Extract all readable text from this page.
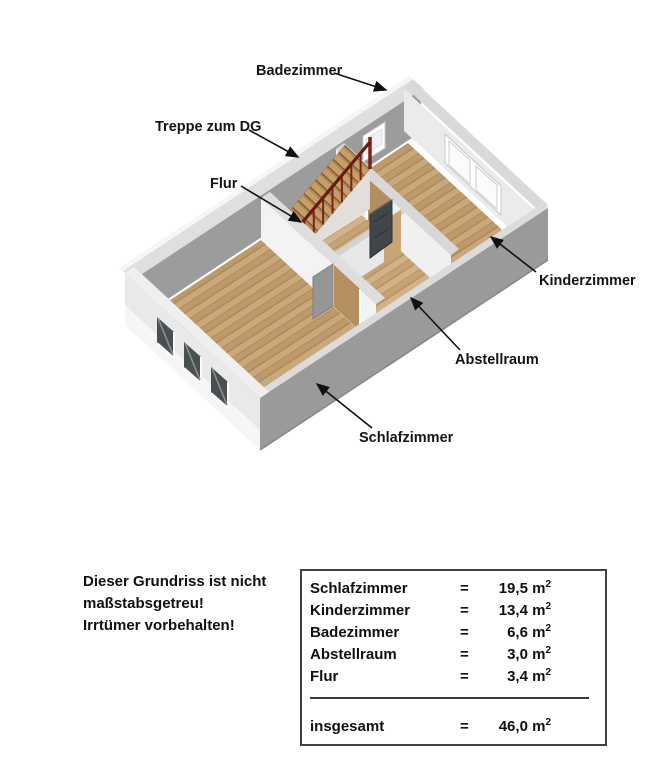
Badezimmer
Treppe zum DG
Flur
Kinderzimmer
Abstellraum
Schlafzimmer
Dieser Grundriss ist nicht
maßstabsgetreu!
Irrtümer vorbehalten!
Schlafzimmer	=	19,5 $m^2$
Kinderzimmer	=	13,4 $m^2$
Badezimmer	=	6,6 $m^2$
Abstellraum	=	3,0 $m^2$
Flur	=	3,4 $m^2$
insgesamt	=	46,0 $m^2$
